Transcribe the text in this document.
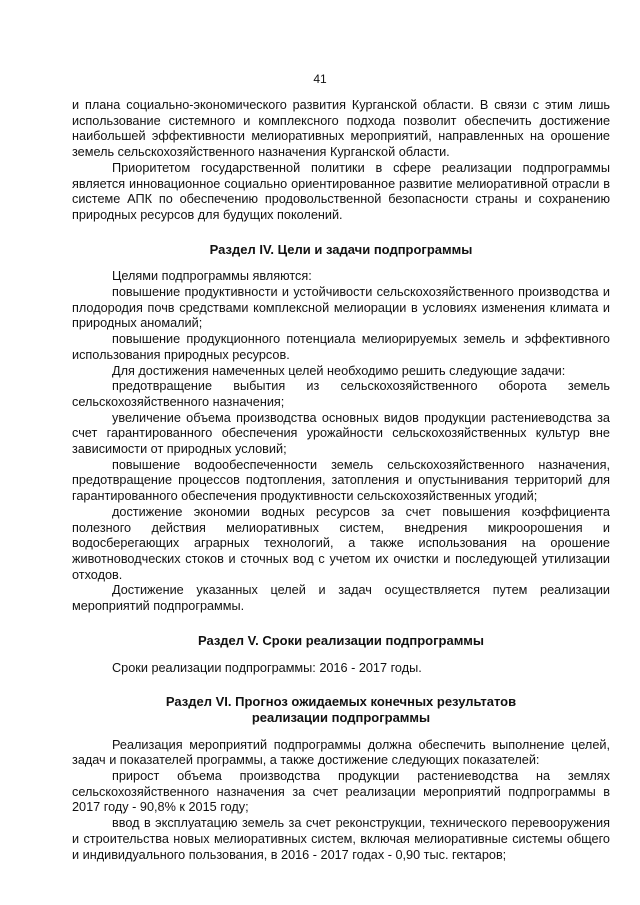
41

и плана социально-экономического развития Курганской области. В связи с этим лишь использование системного и комплексного подхода позволит обеспечить достижение наибольшей эффективности мелиоративных мероприятий, направленных на орошение земель сельскохозяйственного назначения Курганской области.

Приоритетом государственной политики в сфере реализации подпрограммы является инновационное социально ориентированное развитие мелиоративной отрасли в системе АПК по обеспечению продовольственной безопасности страны и сохранению природных ресурсов для будущих поколений.

Раздел IV. Цели и задачи подпрограммы

Целями подпрограммы являются:

повышение продуктивности и устойчивости сельскохозяйственного производства и плодородия почв средствами комплексной мелиорации в условиях изменения климата и природных аномалий;

повышение продукционного потенциала мелиорируемых земель и эффективного использования природных ресурсов.

Для достижения намеченных целей необходимо решить следующие задачи:

предотвращение выбытия из сельскохозяйственного оборота земель сельскохозяйственного назначения;

увеличение объема производства основных видов продукции растениеводства за счет гарантированного обеспечения урожайности сельскохозяйственных культур вне зависимости от природных условий;

повышение водообеспеченности земель сельскохозяйственного назначения, предотвращение процессов подтопления, затопления и опустынивания территорий для гарантированного обеспечения продуктивности сельскохозяйственных угодий;

достижение экономии водных ресурсов за счет повышения коэффициента полезного действия мелиоративных систем, внедрения микроорошения и водосберегающих аграрных технологий, а также использования на орошение животноводческих стоков и сточных вод с учетом их очистки и последующей утилизации отходов.

Достижение указанных целей и задач осуществляется путем реализации мероприятий подпрограммы.

Раздел V. Сроки реализации подпрограммы

Сроки реализации подпрограммы: 2016 - 2017 годы.

Раздел VI. Прогноз ожидаемых конечных результатов
реализации подпрограммы

Реализация мероприятий подпрограммы должна обеспечить выполнение целей, задач и показателей программы, а также достижение следующих показателей:

прирост объема производства продукции растениеводства на землях сельскохозяйственного назначения за счет реализации мероприятий подпрограммы в 2017 году - 90,8% к 2015 году;

ввод в эксплуатацию земель за счет реконструкции, технического перевооружения и строительства новых мелиоративных систем, включая мелиоративные системы общего и индивидуального пользования, в 2016 - 2017 годах - 0,90 тыс. гектаров;
